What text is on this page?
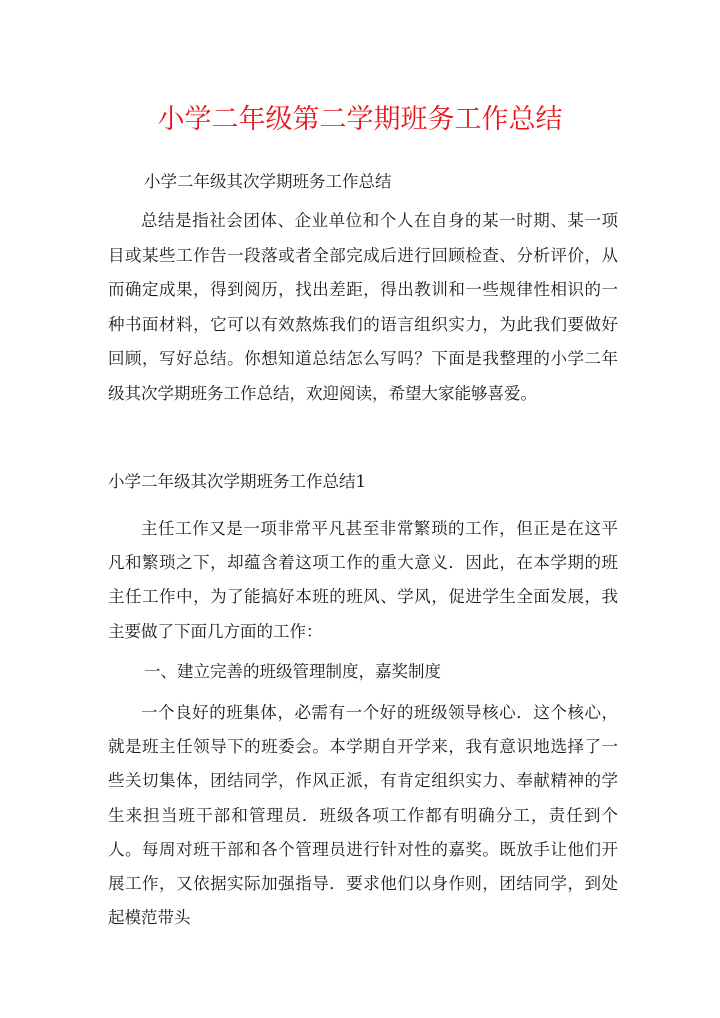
小学二年级第二学期班务工作总结
小学二年级其次学期班务工作总结
总结是指社会团体、企业单位和个人在自身的某一时期、某一项目或某些工作告一段落或者全部完成后进行回顾检查、分析评价，从而确定成果，得到阅历，找出差距，得出教训和一些规律性相识的一种书面材料，它可以有效熬炼我们的语言组织实力，为此我们要做好回顾，写好总结。你想知道总结怎么写吗？下面是我整理的小学二年级其次学期班务工作总结，欢迎阅读，希望大家能够喜爱。
小学二年级其次学期班务工作总结1
主任工作又是一项非常平凡甚至非常繁琐的工作，但正是在这平凡和繁琐之下，却蕴含着这项工作的重大意义．因此，在本学期的班主任工作中，为了能搞好本班的班风、学风，促进学生全面发展，我主要做了下面几方面的工作：
一、建立完善的班级管理制度，嘉奖制度
一个良好的班集体，必需有一个好的班级领导核心．这个核心，就是班主任领导下的班委会。本学期自开学来，我有意识地选择了一些关切集体，团结同学，作风正派，有肯定组织实力、奉献精神的学生来担当班干部和管理员．班级各项工作都有明确分工，责任到个人。每周对班干部和各个管理员进行针对性的嘉奖。既放手让他们开展工作，又依据实际加强指导．要求他们以身作则，团结同学，到处起模范带头
